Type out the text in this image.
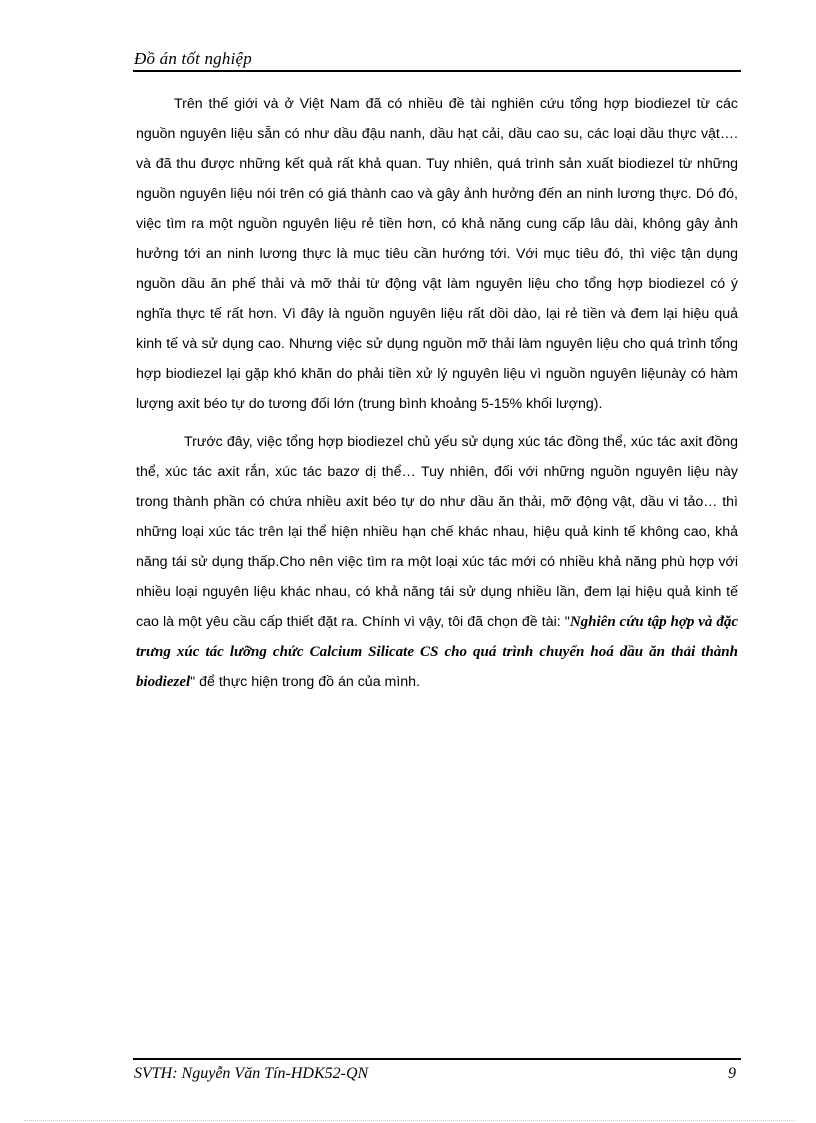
Đồ án tốt nghiệp

Trên thế giới và ở Việt Nam đã có nhiều đề tài nghiên cứu tổng hợp biodiezel từ các nguồn nguyên liệu sẵn có như dầu đậu nanh, dầu hạt cải, dầu cao su, các loại dầu thực vật…. và đã thu được những kết quả rất khả quan. Tuy nhiên, quá trình sản xuất biodiezel từ những nguồn nguyên liệu nói trên có giá thành cao và gây ảnh hưởng đến an ninh lương thực. Dó đó, việc tìm ra một nguồn nguyên liệu rẻ tiền hơn, có khả năng cung cấp lâu dài, không gây ảnh hưởng tới an ninh lương thực là mục tiêu cần hướng tới. Với mục tiêu đó, thì việc tận dụng nguồn dầu ăn phế thải và mỡ thải từ động vật làm nguyên liệu cho tổng hợp biodiezel có ý nghĩa thực tế rất hơn. Vì đây là nguồn nguyên liệu rất dồi dào, lại rẻ tiền và đem lại hiệu quả kinh tế và sử dụng cao. Nhưng việc sử dụng nguồn mỡ thải làm nguyên liệu cho quá trình tổng hợp biodiezel lại gặp khó khăn do phải tiền xử lý nguyên liệu vì nguồn nguyên liệunày có hàm lượng axit béo tự do tương đối lớn (trung bình khoảng 5-15% khối lượng).

Trước đây, việc tổng hợp biodiezel chủ yếu sử dụng xúc tác đồng thể, xúc tác axit đồng thể, xúc tác axit rắn, xúc tác bazơ dị thể… Tuy nhiên, đối với những nguồn nguyên liệu này trong thành phần có chứa nhiều axit béo tự do như dầu ăn thải, mỡ động vật, dầu vi tảo… thì những loại xúc tác trên lại thể hiện nhiều hạn chế khác nhau, hiệu quả kinh tế không cao, khả năng tái sử dụng thấp.Cho nên việc tìm ra một loại xúc tác mới có nhiều khả năng phù hợp với nhiều loại nguyên liệu khác nhau, có khả năng tái sử dụng nhiều lần, đem lại hiệu quả kinh tế cao là một yêu cầu cấp thiết đặt ra. Chính vì vậy, tôi đã chọn đề tài: "Nghiên cứu tập hợp và đặc trưng xúc tác lưỡng chức Calcium Silicate CS cho quá trình chuyển hoá dầu ăn thải thành biodiezel" để thực hiện trong đồ án của mình.

SVTH: Nguyễn Văn Tín-HDK52-QN	9
